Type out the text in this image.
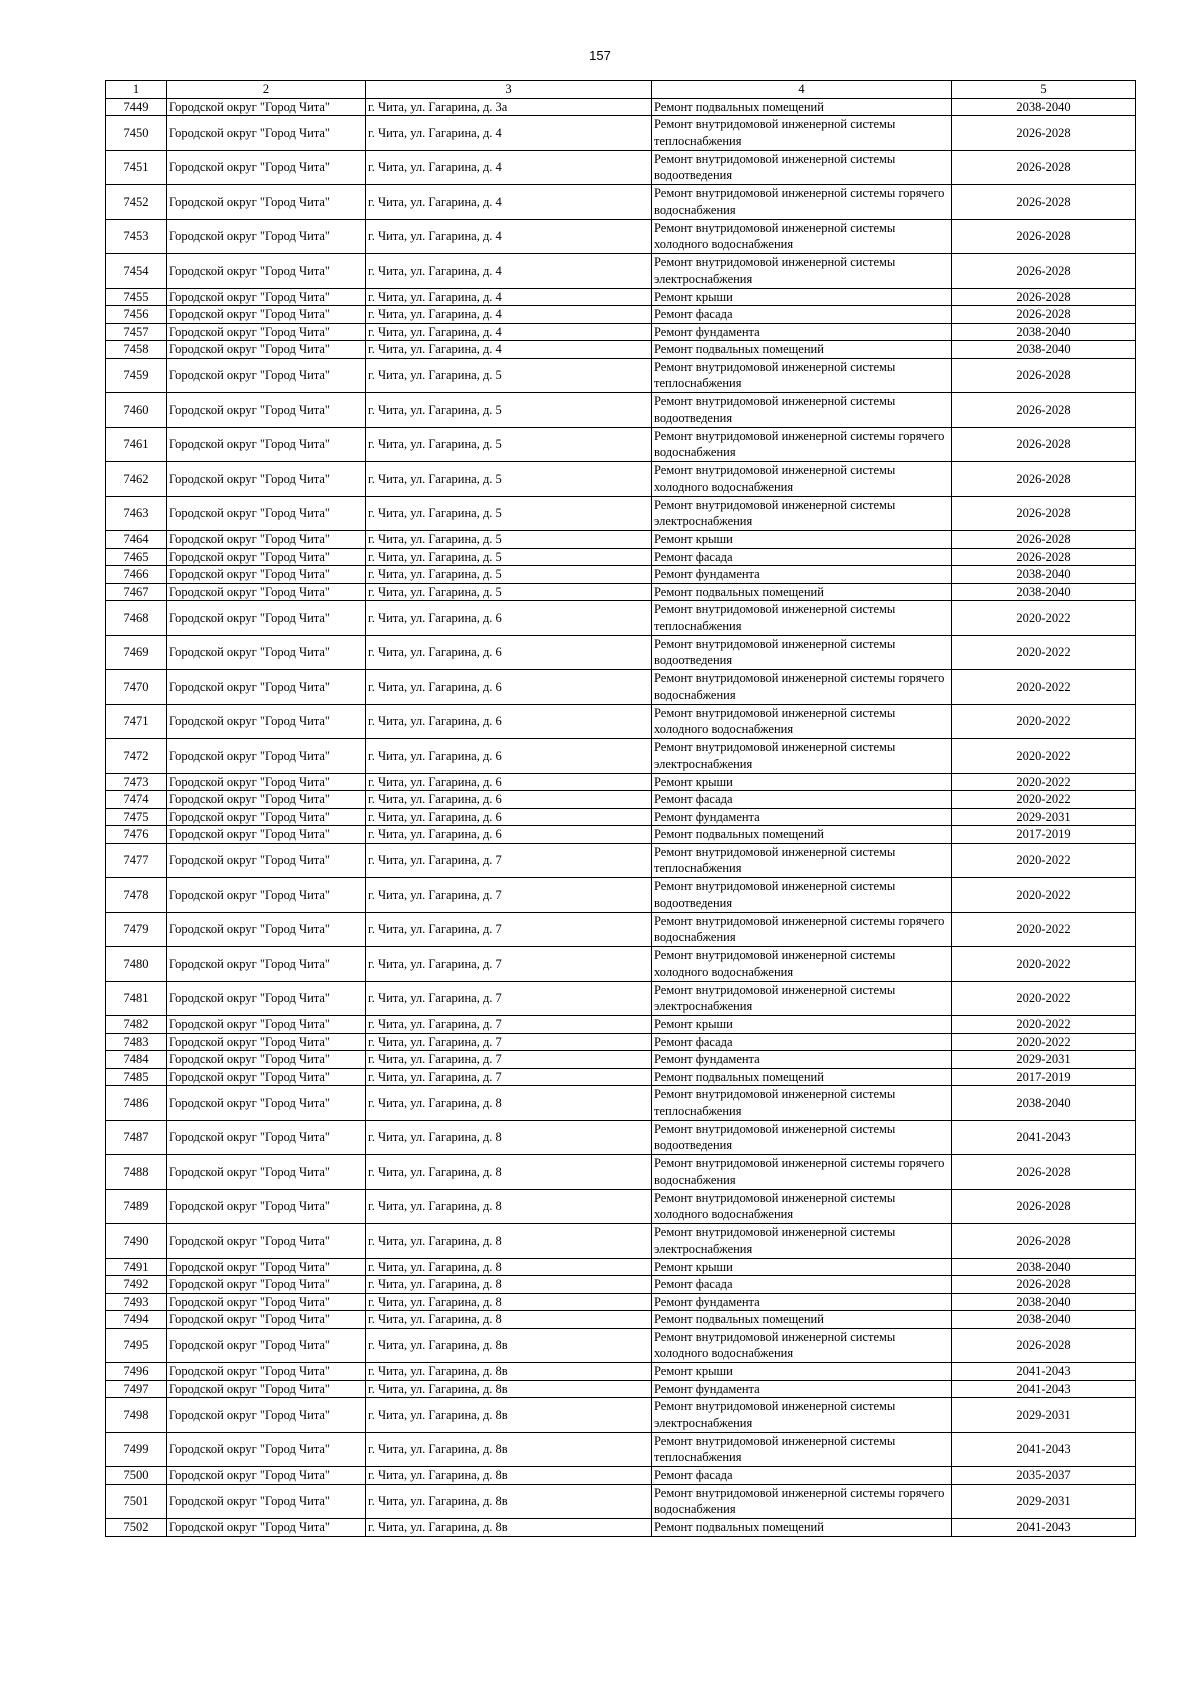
157
1	2	3	4	5
7449	Городской округ "Город Чита"	г. Чита, ул. Гагарина, д. 3а	Ремонт подвальных помещений	2038-2040
7450	Городской округ "Город Чита"	г. Чита, ул. Гагарина, д. 4	Ремонт внутридомовой инженерной системы теплоснабжения	2026-2028
7451	Городской округ "Город Чита"	г. Чита, ул. Гагарина, д. 4	Ремонт внутридомовой инженерной системы водоотведения	2026-2028
7452	Городской округ "Город Чита"	г. Чита, ул. Гагарина, д. 4	Ремонт внутридомовой инженерной системы горячего водоснабжения	2026-2028
7453	Городской округ "Город Чита"	г. Чита, ул. Гагарина, д. 4	Ремонт внутридомовой инженерной системы холодного водоснабжения	2026-2028
7454	Городской округ "Город Чита"	г. Чита, ул. Гагарина, д. 4	Ремонт внутридомовой инженерной системы электроснабжения	2026-2028
7455	Городской округ "Город Чита"	г. Чита, ул. Гагарина, д. 4	Ремонт крыши	2026-2028
7456	Городской округ "Город Чита"	г. Чита, ул. Гагарина, д. 4	Ремонт фасада	2026-2028
7457	Городской округ "Город Чита"	г. Чита, ул. Гагарина, д. 4	Ремонт фундамента	2038-2040
7458	Городской округ "Город Чита"	г. Чита, ул. Гагарина, д. 4	Ремонт подвальных помещений	2038-2040
7459	Городской округ "Город Чита"	г. Чита, ул. Гагарина, д. 5	Ремонт внутридомовой инженерной системы теплоснабжения	2026-2028
7460	Городской округ "Город Чита"	г. Чита, ул. Гагарина, д. 5	Ремонт внутридомовой инженерной системы водоотведения	2026-2028
7461	Городской округ "Город Чита"	г. Чита, ул. Гагарина, д. 5	Ремонт внутридомовой инженерной системы горячего водоснабжения	2026-2028
7462	Городской округ "Город Чита"	г. Чита, ул. Гагарина, д. 5	Ремонт внутридомовой инженерной системы холодного водоснабжения	2026-2028
7463	Городской округ "Город Чита"	г. Чита, ул. Гагарина, д. 5	Ремонт внутридомовой инженерной системы электроснабжения	2026-2028
7464	Городской округ "Город Чита"	г. Чита, ул. Гагарина, д. 5	Ремонт крыши	2026-2028
7465	Городской округ "Город Чита"	г. Чита, ул. Гагарина, д. 5	Ремонт фасада	2026-2028
7466	Городской округ "Город Чита"	г. Чита, ул. Гагарина, д. 5	Ремонт фундамента	2038-2040
7467	Городской округ "Город Чита"	г. Чита, ул. Гагарина, д. 5	Ремонт подвальных помещений	2038-2040
7468	Городской округ "Город Чита"	г. Чита, ул. Гагарина, д. 6	Ремонт внутридомовой инженерной системы теплоснабжения	2020-2022
7469	Городской округ "Город Чита"	г. Чита, ул. Гагарина, д. 6	Ремонт внутридомовой инженерной системы водоотведения	2020-2022
7470	Городской округ "Город Чита"	г. Чита, ул. Гагарина, д. 6	Ремонт внутридомовой инженерной системы горячего водоснабжения	2020-2022
7471	Городской округ "Город Чита"	г. Чита, ул. Гагарина, д. 6	Ремонт внутридомовой инженерной системы холодного водоснабжения	2020-2022
7472	Городской округ "Город Чита"	г. Чита, ул. Гагарина, д. 6	Ремонт внутридомовой инженерной системы электроснабжения	2020-2022
7473	Городской округ "Город Чита"	г. Чита, ул. Гагарина, д. 6	Ремонт крыши	2020-2022
7474	Городской округ "Город Чита"	г. Чита, ул. Гагарина, д. 6	Ремонт фасада	2020-2022
7475	Городской округ "Город Чита"	г. Чита, ул. Гагарина, д. 6	Ремонт фундамента	2029-2031
7476	Городской округ "Город Чита"	г. Чита, ул. Гагарина, д. 6	Ремонт подвальных помещений	2017-2019
7477	Городской округ "Город Чита"	г. Чита, ул. Гагарина, д. 7	Ремонт внутридомовой инженерной системы теплоснабжения	2020-2022
7478	Городской округ "Город Чита"	г. Чита, ул. Гагарина, д. 7	Ремонт внутридомовой инженерной системы водоотведения	2020-2022
7479	Городской округ "Город Чита"	г. Чита, ул. Гагарина, д. 7	Ремонт внутридомовой инженерной системы горячего водоснабжения	2020-2022
7480	Городской округ "Город Чита"	г. Чита, ул. Гагарина, д. 7	Ремонт внутридомовой инженерной системы холодного водоснабжения	2020-2022
7481	Городской округ "Город Чита"	г. Чита, ул. Гагарина, д. 7	Ремонт внутридомовой инженерной системы электроснабжения	2020-2022
7482	Городской округ "Город Чита"	г. Чита, ул. Гагарина, д. 7	Ремонт крыши	2020-2022
7483	Городской округ "Город Чита"	г. Чита, ул. Гагарина, д. 7	Ремонт фасада	2020-2022
7484	Городской округ "Город Чита"	г. Чита, ул. Гагарина, д. 7	Ремонт фундамента	2029-2031
7485	Городской округ "Город Чита"	г. Чита, ул. Гагарина, д. 7	Ремонт подвальных помещений	2017-2019
7486	Городской округ "Город Чита"	г. Чита, ул. Гагарина, д. 8	Ремонт внутридомовой инженерной системы теплоснабжения	2038-2040
7487	Городской округ "Город Чита"	г. Чита, ул. Гагарина, д. 8	Ремонт внутридомовой инженерной системы водоотведения	2041-2043
7488	Городской округ "Город Чита"	г. Чита, ул. Гагарина, д. 8	Ремонт внутридомовой инженерной системы горячего водоснабжения	2026-2028
7489	Городской округ "Город Чита"	г. Чита, ул. Гагарина, д. 8	Ремонт внутридомовой инженерной системы холодного водоснабжения	2026-2028
7490	Городской округ "Город Чита"	г. Чита, ул. Гагарина, д. 8	Ремонт внутридомовой инженерной системы электроснабжения	2026-2028
7491	Городской округ "Город Чита"	г. Чита, ул. Гагарина, д. 8	Ремонт крыши	2038-2040
7492	Городской округ "Город Чита"	г. Чита, ул. Гагарина, д. 8	Ремонт фасада	2026-2028
7493	Городской округ "Город Чита"	г. Чита, ул. Гагарина, д. 8	Ремонт фундамента	2038-2040
7494	Городской округ "Город Чита"	г. Чита, ул. Гагарина, д. 8	Ремонт подвальных помещений	2038-2040
7495	Городской округ "Город Чита"	г. Чита, ул. Гагарина, д. 8в	Ремонт внутридомовой инженерной системы холодного водоснабжения	2026-2028
7496	Городской округ "Город Чита"	г. Чита, ул. Гагарина, д. 8в	Ремонт крыши	2041-2043
7497	Городской округ "Город Чита"	г. Чита, ул. Гагарина, д. 8в	Ремонт фундамента	2041-2043
7498	Городской округ "Город Чита"	г. Чита, ул. Гагарина, д. 8в	Ремонт внутридомовой инженерной системы электроснабжения	2029-2031
7499	Городской округ "Город Чита"	г. Чита, ул. Гагарина, д. 8в	Ремонт внутридомовой инженерной системы теплоснабжения	2041-2043
7500	Городской округ "Город Чита"	г. Чита, ул. Гагарина, д. 8в	Ремонт фасада	2035-2037
7501	Городской округ "Город Чита"	г. Чита, ул. Гагарина, д. 8в	Ремонт внутридомовой инженерной системы горячего водоснабжения	2029-2031
7502	Городской округ "Город Чита"	г. Чита, ул. Гагарина, д. 8в	Ремонт подвальных помещений	2041-2043
